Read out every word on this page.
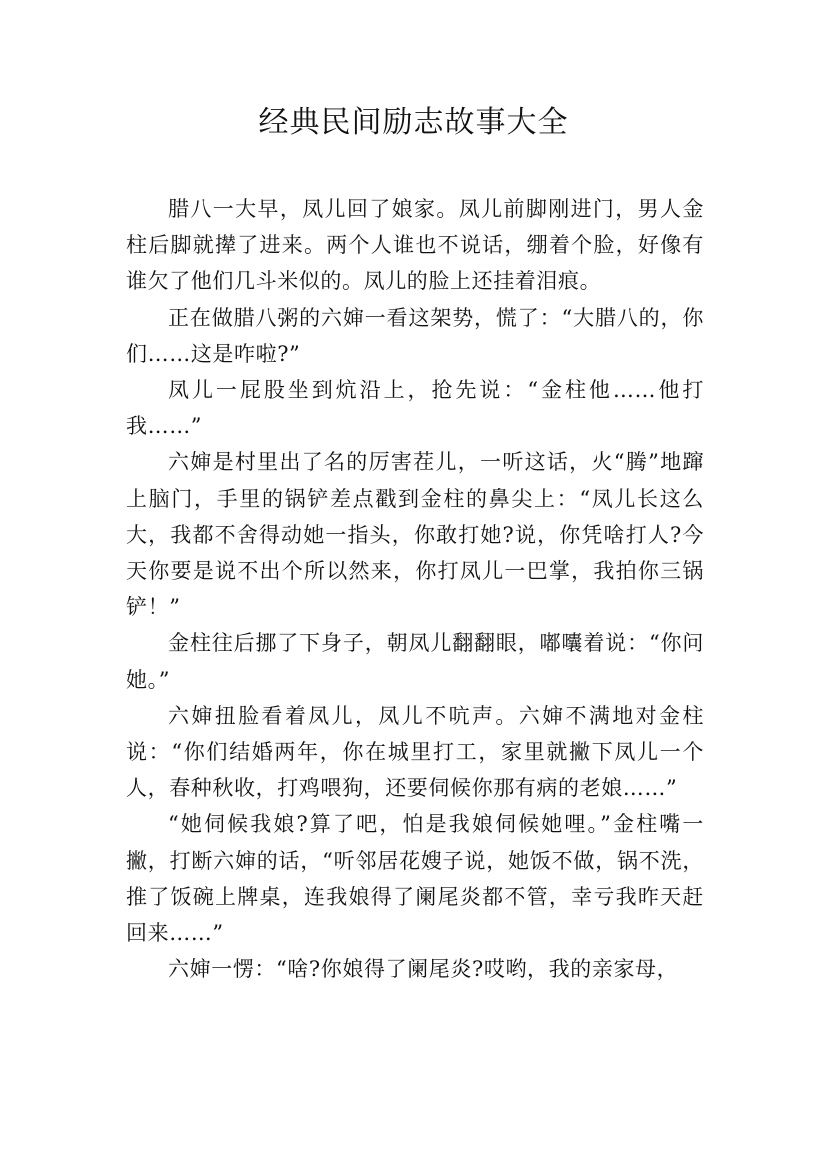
经典民间励志故事大全

腊八一大早，凤儿回了娘家。凤儿前脚刚进门，男人金柱后脚就撵了进来。两个人谁也不说话，绷着个脸，好像有谁欠了他们几斗米似的。凤儿的脸上还挂着泪痕。

正在做腊八粥的六婶一看这架势，慌了：“大腊八的，你们……这是咋啦?”

凤儿一屁股坐到炕沿上，抢先说：“金柱他……他打我……”

六婶是村里出了名的厉害茬儿，一听这话，火“腾”地蹿上脑门，手里的锅铲差点戳到金柱的鼻尖上：“凤儿长这么大，我都不舍得动她一指头，你敢打她?说，你凭啥打人?今天你要是说不出个所以然来，你打凤儿一巴掌，我拍你三锅铲！”

金柱往后挪了下身子，朝凤儿翻翻眼，嘟囔着说：“你问她。”

六婶扭脸看着凤儿，凤儿不吭声。六婶不满地对金柱说：“你们结婚两年，你在城里打工，家里就撇下凤儿一个人，春种秋收，打鸡喂狗，还要伺候你那有病的老娘……”

“她伺候我娘?算了吧，怕是我娘伺候她哩。”金柱嘴一撇，打断六婶的话，“听邻居花嫂子说，她饭不做，锅不洗，推了饭碗上牌桌，连我娘得了阑尾炎都不管，幸亏我昨天赶回来……”

六婶一愣：“啥?你娘得了阑尾炎?哎哟，我的亲家母，
